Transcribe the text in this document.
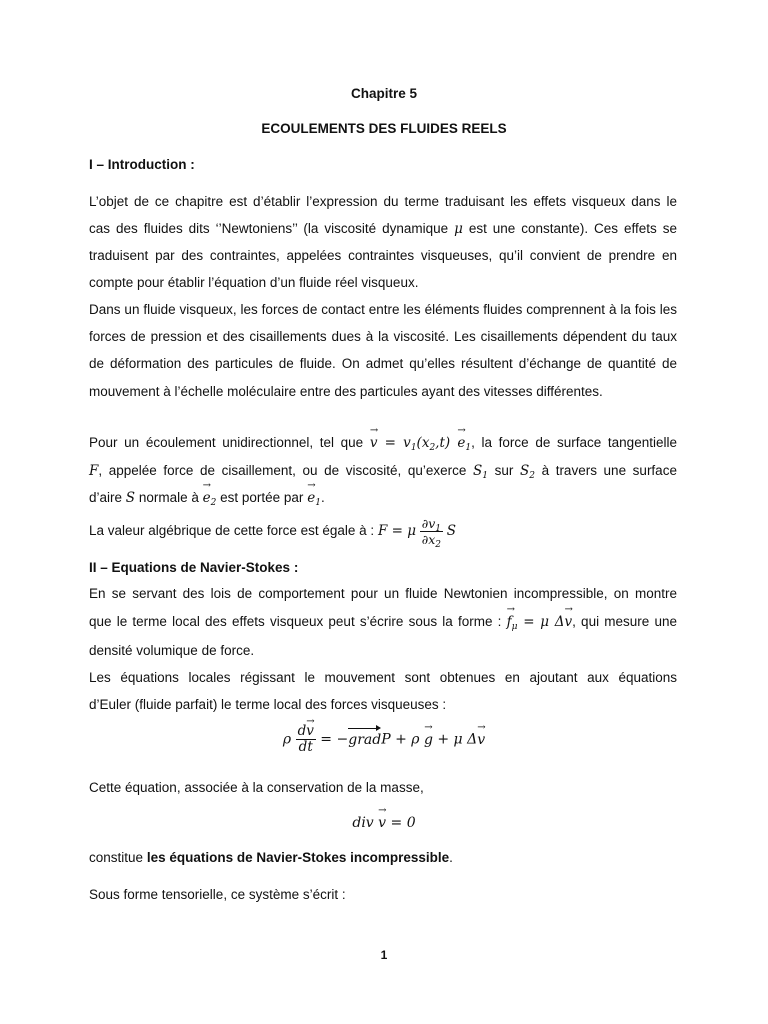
Chapitre 5
ECOULEMENTS DES FLUIDES REELS
I – Introduction :
L’objet de ce chapitre est d’établir l’expression du terme traduisant les effets visqueux dans le
cas des fluides dits ‘’Newtoniens’’ (la viscosité dynamique μ est une constante). Ces effets se
traduisent par des contraintes, appelées contraintes visqueuses, qu’il convient de prendre en
compte pour établir l’équation d’un fluide réel visqueux.
Dans un fluide visqueux, les forces de contact entre les éléments fluides comprennent à la fois les forces de pression et des cisaillements dues à la viscosité. Les cisaillements dépendent du taux de déformation des particules de fluide. On admet qu’elles résultent d’échange de quantité de mouvement à l’échelle moléculaire entre des particules ayant des vitesses différentes.
Pour un écoulement unidirectionnel, tel que → $v = v_1(x_2,t) \to e_1$, la force de surface tangentielle
F, appelée force de cisaillement, ou de viscosité, qu’exerce $S_1$ sur $S_2$ à travers une surface
d’aire S normale à → $e_2$ est portée par → $e_1$.
La valeur algébrique de cette force est égale à : F = μ $\frac{\partial v_1}{\partial x_2}$ S
II – Equations de Navier-Stokes :
En se servant des lois de comportement pour un fluide Newtonien incompressible, on montre
que le terme local des effets visqueux peut s’écrire sous la forme : → $f_\mu = \mu$ Δ→ v, qui mesure une
densité volumique de force.
Les équations locales régissant le mouvement sont obtenues en ajoutant aux équations
d’Euler (fluide parfait) le terme local des forces visqueuses :
ρ $\frac{d\to v}{dt}$ = −gradP + ρ → g + μ Δ→ v
Cette équation, associée à la conservation de la masse,
div → v = 0
constitue les équations de Navier-Stokes incompressible.
Sous forme tensorielle, ce système s’écrit :
1
